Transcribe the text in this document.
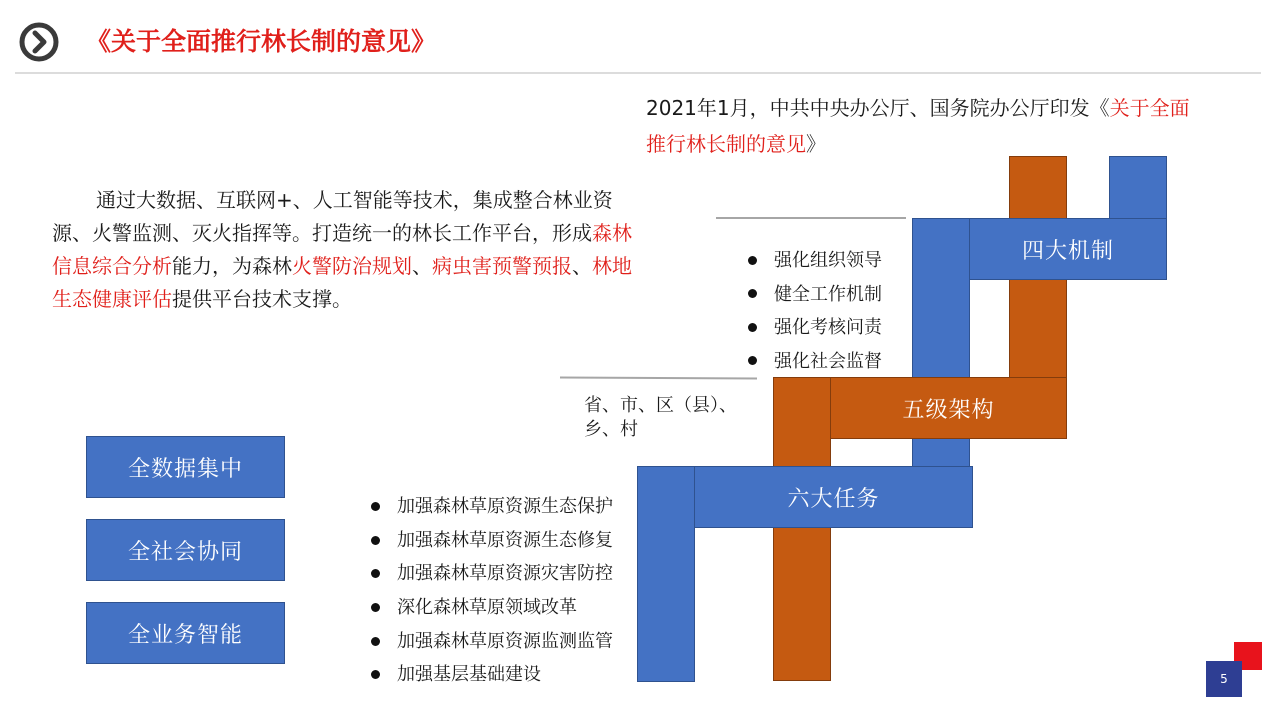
《关于全面推行林长制的意见》
2021年1月，中共中央办公厅、国务院办公厅印发《关于全面推行林长制的意见》
通过大数据、互联网+、人工智能等技术，集成整合林业资源、火警监测、灭火指挥等。打造统一的林长工作平台，形成森林信息综合分析能力，为森林火警防治规划、病虫害预警预报、林地生态健康评估提供平台技术支撑。
全数据集中
全社会协同
全业务智能
四大机制
五级架构
六大任务
强化组织领导
健全工作机制
强化考核问责
强化社会监督
省、市、区（县）、乡、村
加强森林草原资源生态保护
加强森林草原资源生态修复
加强森林草原资源灾害防控
深化森林草原领域改革
加强森林草原资源监测监管
加强基层基础建设	5
